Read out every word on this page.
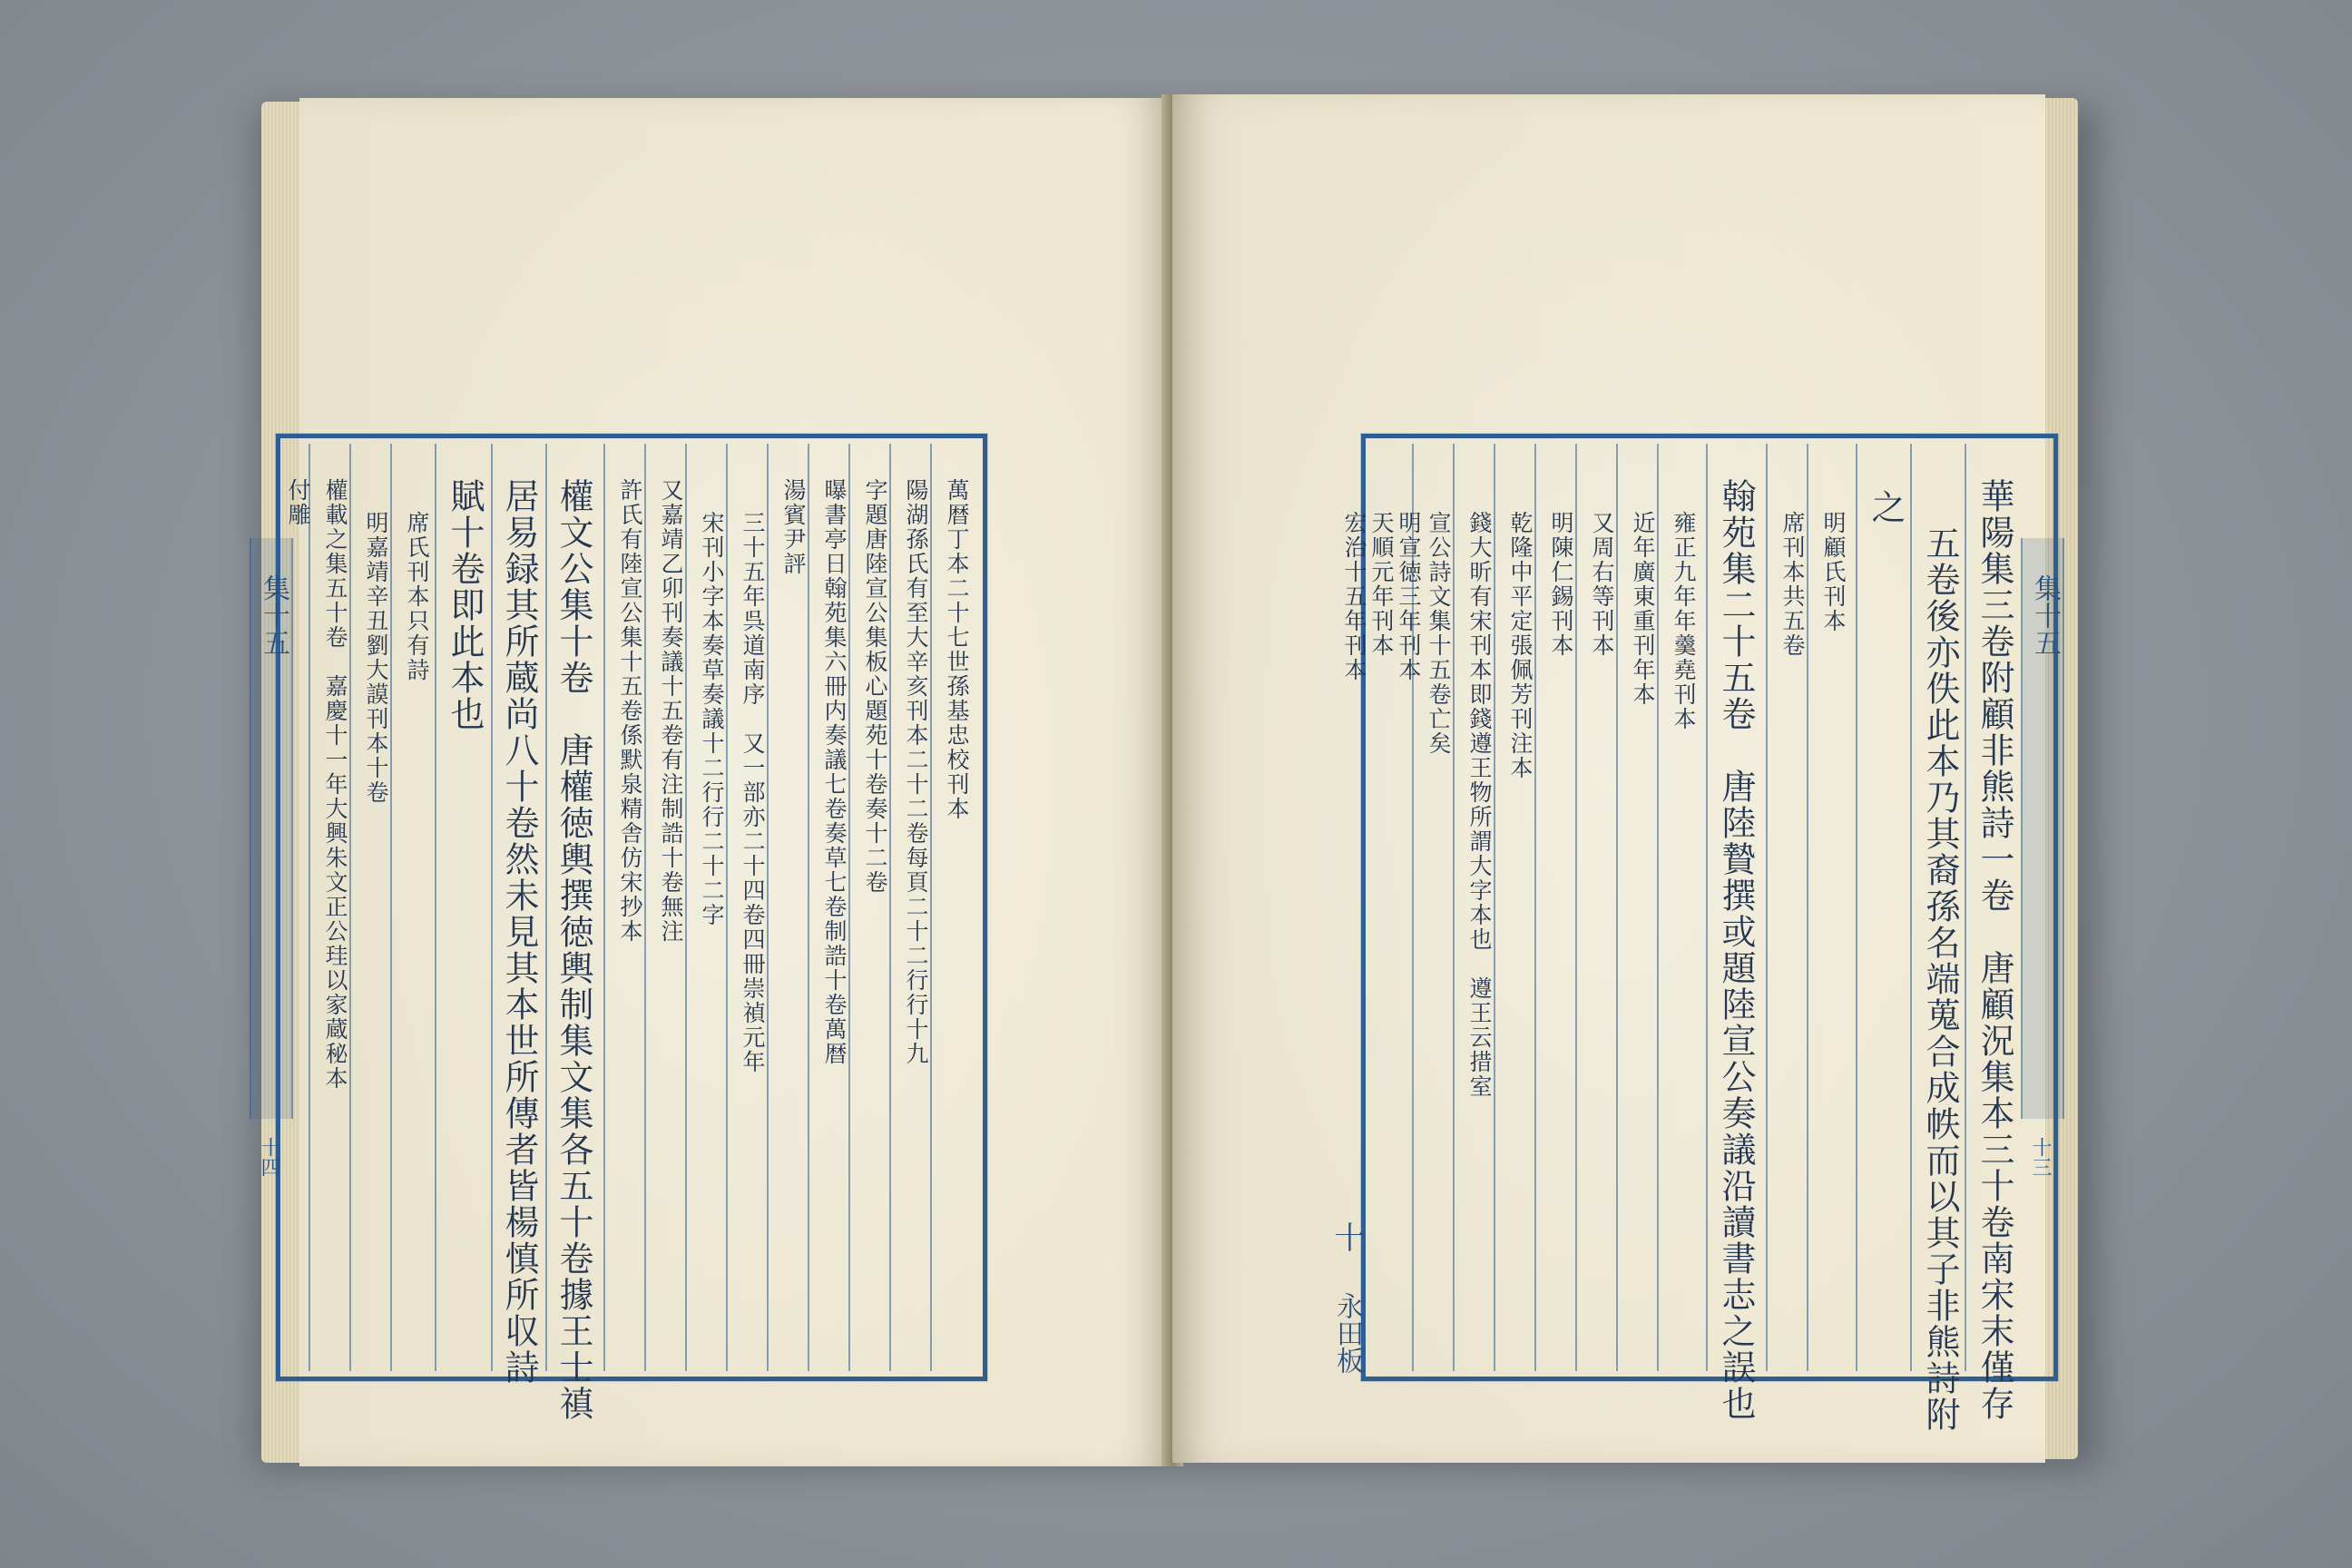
集十五
十四
萬暦丁本二十七世孫基忠校刊本
陽湖孫氏有至大辛亥刊本二十二卷每頁二十二行行十九
字題唐陸宣公集板心題苑十卷奏十二卷
曝書亭日翰苑集六冊内奏議七卷奏草七卷制誥十卷萬暦
湯賓尹評
三十五年呉道南序　又一部亦二十四卷四冊崇禎元年
宋刊小字本奏草奏議十二行行二十二字
又嘉靖乙卯刊奏議十五卷有注制誥十卷無注
許氏有陸宣公集十五卷係默泉精舎仿宋抄本
權文公集十卷　唐權徳輿撰徳輿制集文集各五十卷據王士禛
居易録其所蔵尚八十卷然未見其本世所傳者皆楊慎所収詩
賦十卷即此本也
席氏刊本只有詩
明嘉靖辛丑劉大謨刊本十卷
權載之集五十卷　嘉慶十一年大興朱文正公珪以家蔵秘本
付雕
集十五
十三
華陽集三卷附顧非熊詩一卷　唐顧況集本三十卷南宋末僅存
五卷後亦佚此本乃其裔孫名端蒐合成帙而以其子非熊詩附
之
明顧氏刊本
席刊本共五卷
翰苑集二十五卷　唐陸贄撰或題陸宣公奏議沿讀書志之誤也
雍正九年年羹堯刊本
近年廣東重刊年本
又周右等刊本
明陳仁錫刊本
乾隆中平定張佩芳刊注本
錢大昕有宋刊本即錢遵王物所謂大字本也　遵王云措室
宣公詩文集十五卷亡矣
明宣徳三年刊本
天順元年刊本
宏治十五年刊本
十
永田板
